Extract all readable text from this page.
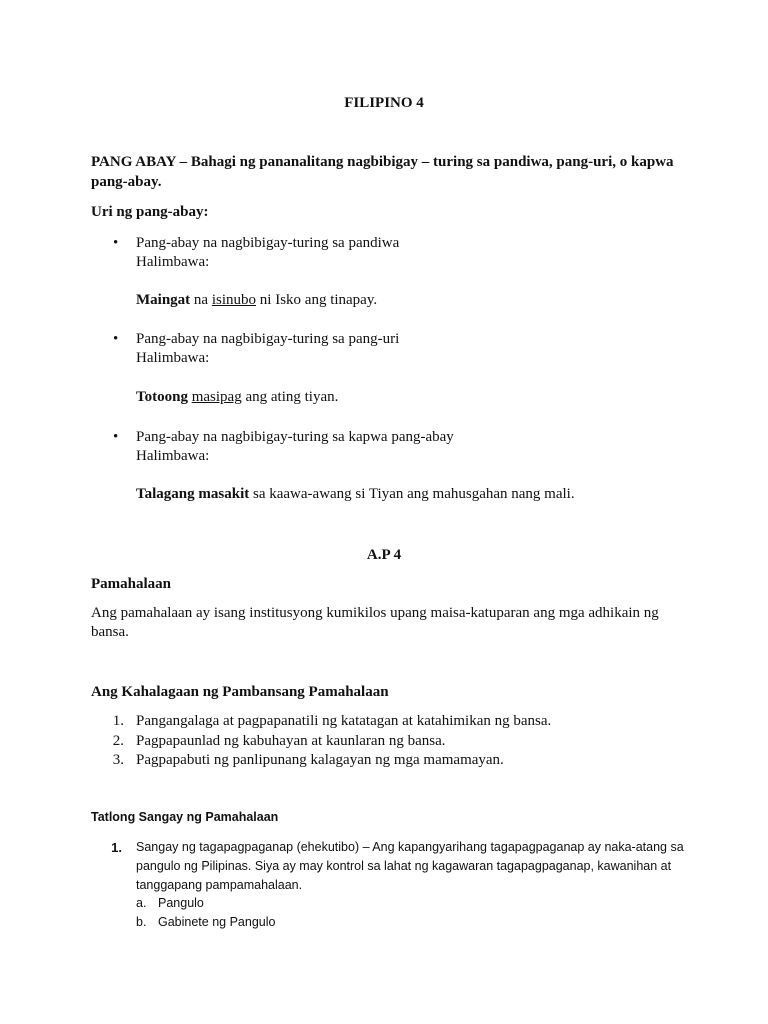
FILIPINO 4
PANG ABAY – Bahagi ng pananalitang nagbibigay – turing sa pandiwa, pang-uri, o kapwa
pang-abay.
Uri ng pang-abay:
• Pang-abay na nagbibigay-turing sa pandiwa
Halimbawa:
Maingat na isinubo ni Isko ang tinapay.
• Pang-abay na nagbibigay-turing sa pang-uri
Halimbawa:
Totoong masipag ang ating tiyan.
• Pang-abay na nagbibigay-turing sa kapwa pang-abay
Halimbawa:
Talagang masakit sa kaawa-awang si Tiyan ang mahusgahan nang mali.
A.P 4
Pamahalaan
Ang pamahalaan ay isang institusyong kumikilos upang maisa-katuparan ang mga adhikain ng
bansa.
Ang Kahalagaan ng Pambansang Pamahalaan
1. Pangangalaga at pagpapanatili ng katatagan at katahimikan ng bansa.
2. Pagpapaunlad ng kabuhayan at kaunlaran ng bansa.
3. Pagpapabuti ng panlipunang kalagayan ng mga mamamayan.
Tatlong Sangay ng Pamahalaan
1. Sangay ng tagapagpaganap (ehekutibo) – Ang kapangyarihang tagapagpaganap ay naka-atang sa
pangulo ng Pilipinas. Siya ay may kontrol sa lahat ng kagawaran tagapagpaganap, kawanihan at
tanggapang pampamahalaan.
a. Pangulo
b. Gabinete ng Pangulo
